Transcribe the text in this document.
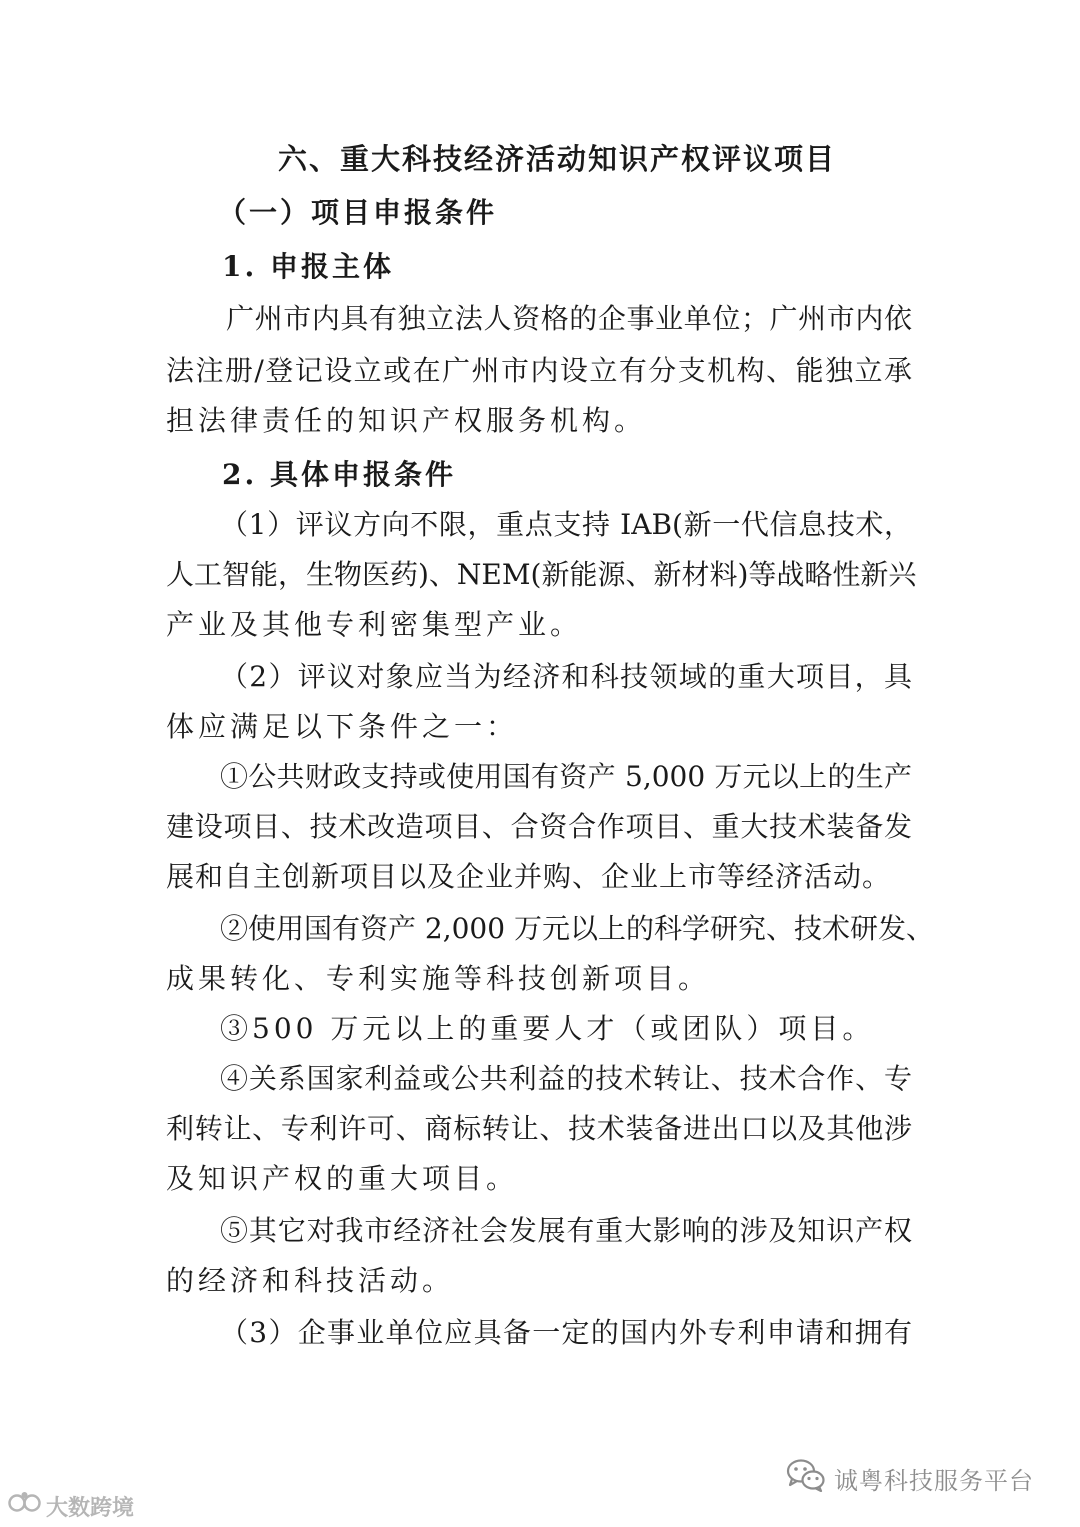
六、重大科技经济活动知识产权评议项目
（一）项目申报条件
1. 申报主体
广州市内具有独立法人资格的企事业单位；广州市内依
法注册/登记设立或在广州市内设立有分支机构、能独立承
担法律责任的知识产权服务机构。
2. 具体申报条件
（1）评议方向不限，重点支持 IAB(新一代信息技术，
人工智能，生物医药)、NEM(新能源、新材料)等战略性新兴
产业及其他专利密集型产业。
（2）评议对象应当为经济和科技领域的重大项目，具
体应满足以下条件之一：
①公共财政支持或使用国有资产 5,000 万元以上的生产
建设项目、技术改造项目、合资合作项目、重大技术装备发
展和自主创新项目以及企业并购、企业上市等经济活动。
②使用国有资产 2,000 万元以上的科学研究、技术研发、
成果转化、专利实施等科技创新项目。
③500 万元以上的重要人才（或团队）项目。
④关系国家利益或公共利益的技术转让、技术合作、专
利转让、专利许可、商标转让、技术装备进出口以及其他涉
及知识产权的重大项目。
⑤其它对我市经济社会发展有重大影响的涉及知识产权
的经济和科技活动。
（3）企事业单位应具备一定的国内外专利申请和拥有
诚粤科技服务平台
大数跨境
